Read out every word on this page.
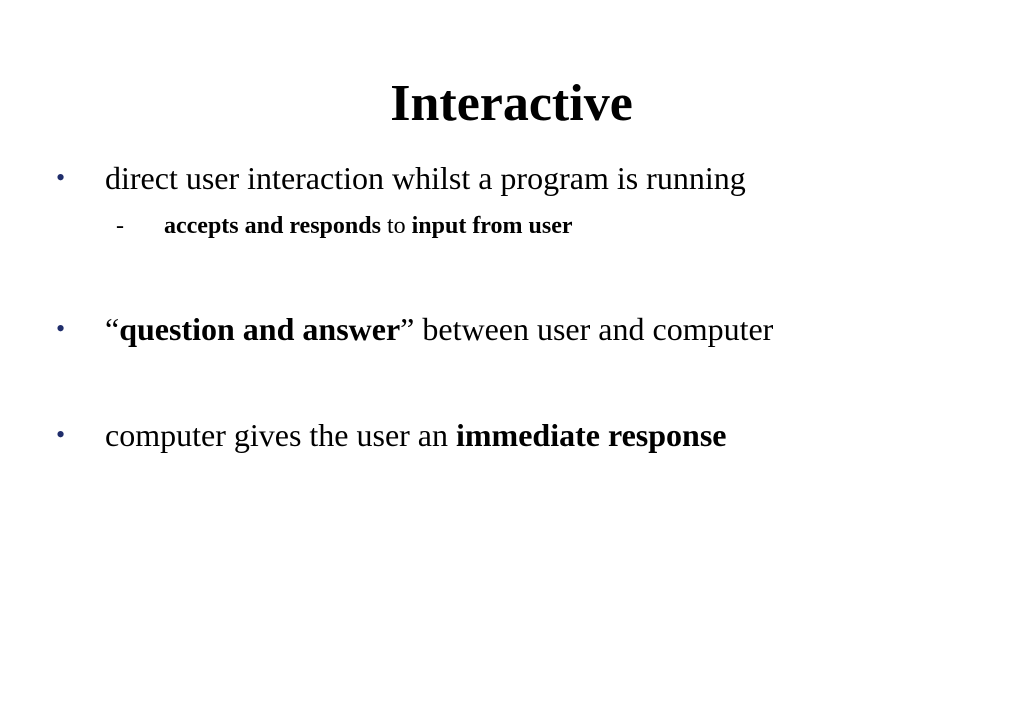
Interactive
• direct user interaction whilst a program is running
- accepts and responds to input from user
• “question and answer” between user and computer
• computer gives the user an immediate response
